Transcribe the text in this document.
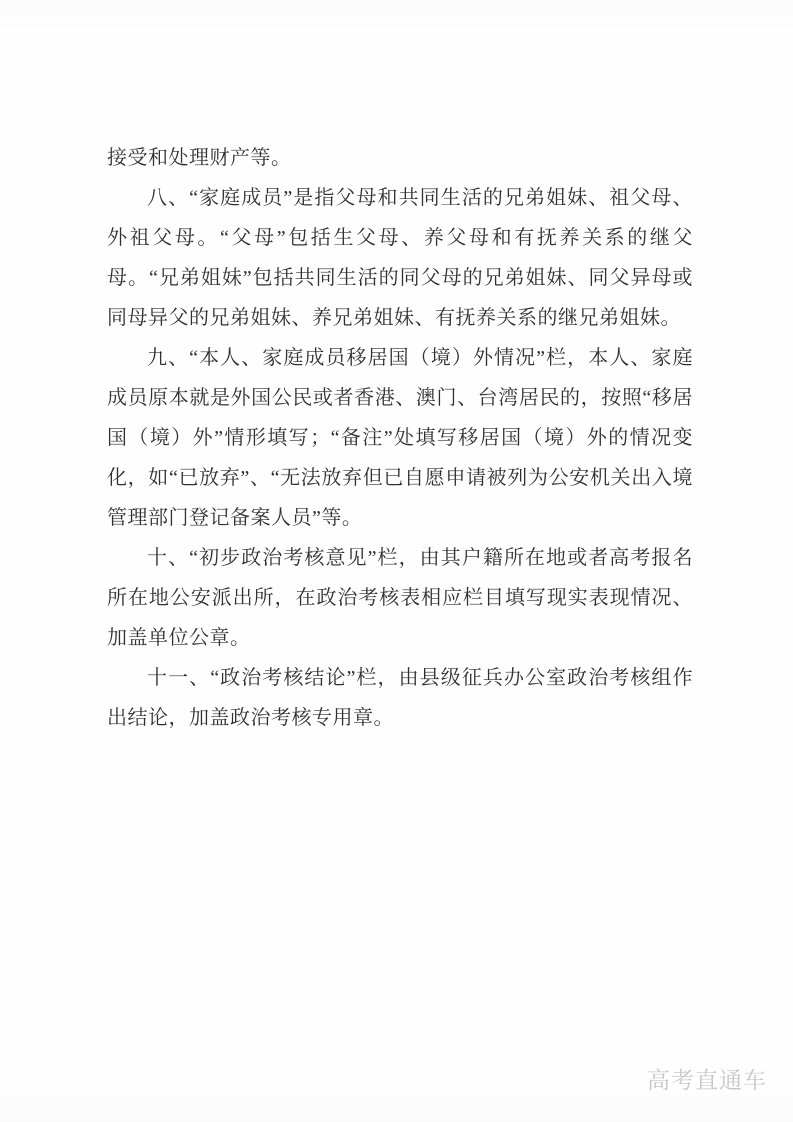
接受和处理财产等。

八、“家庭成员”是指父母和共同生活的兄弟姐妹、祖父母、外祖父母。“父母”包括生父母、养父母和有抚养关系的继父母。“兄弟姐妹”包括共同生活的同父母的兄弟姐妹、同父异母或同母异父的兄弟姐妹、养兄弟姐妹、有抚养关系的继兄弟姐妹。

九、“本人、家庭成员移居国（境）外情况”栏，本人、家庭成员原本就是外国公民或者香港、澳门、台湾居民的，按照“移居国（境）外”情形填写；“备注”处填写移居国（境）外的情况变化，如“已放弃”、“无法放弃但已自愿申请被列为公安机关出入境管理部门登记备案人员”等。

十、“初步政治考核意见”栏，由其户籍所在地或者高考报名所在地公安派出所，在政治考核表相应栏目填写现实表现情况、加盖单位公章。

十一、“政治考核结论”栏，由县级征兵办公室政治考核组作出结论，加盖政治考核专用章。

高考直通车
